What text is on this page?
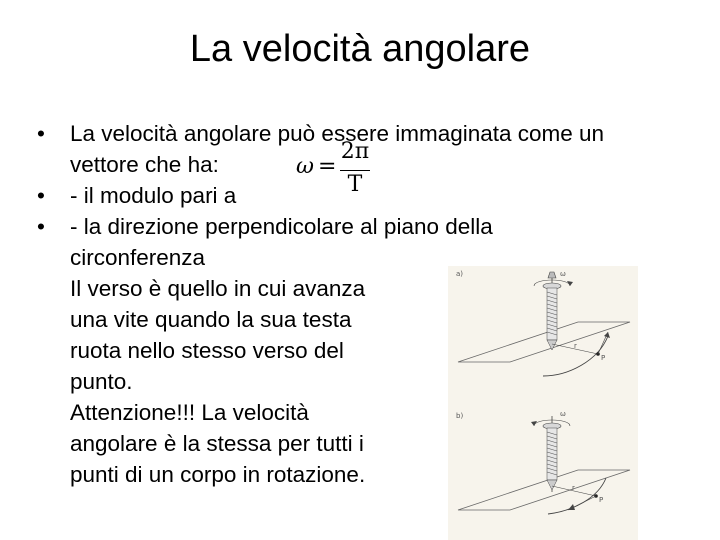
La velocità angolare
• La velocità angolare può essere immaginata come un
vettore che ha:
• - il modulo pari a
• - la direzione perpendicolare al piano della
circonferenza
Il verso è quello in cui avanza
una vite quando la sua testa
ruota nello stesso verso del
punto.
Attenzione!!! La velocità
angolare è la stessa per tutti i
punti di un corpo in rotazione.
ω =
2π
T
a)
b)
ω
ω
r
r
P
P
